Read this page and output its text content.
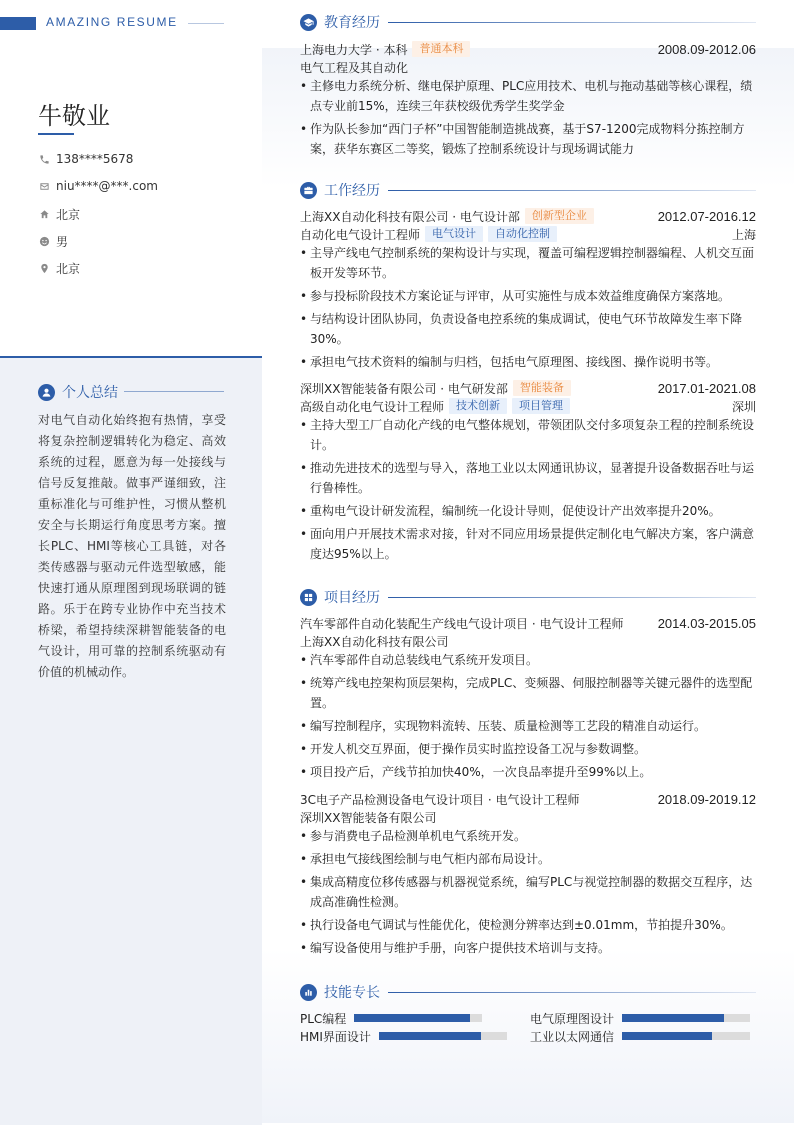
AMAZING RESUME
牛敬业
138****5678
niu****@***.com
北京
男
北京
个人总结
对电气自动化始终抱有热情，享受将复杂控制逻辑转化为稳定、高效系统的过程，愿意为每一处接线与信号反复推敲。做事严谨细致，注重标准化与可维护性，习惯从整机安全与长期运行角度思考方案。擅长PLC、HMI等核心工具链，对各类传感器与驱动元件选型敏感，能快速打通从原理图到现场联调的链路。乐于在跨专业协作中充当技术桥梁，希望持续深耕智能装备的电气设计，用可靠的控制系统驱动有价值的机械动作。
教育经历
上海电力大学 · 本科	普通本科	2008.09-2012.06
电气工程及其自动化
• 主修电力系统分析、继电保护原理、PLC应用技术、电机与拖动基础等核心课程，绩点专业前15%，连续三年获校级优秀学生奖学金
• 作为队长参加“西门子杯”中国智能制造挑战赛，基于S7-1200完成物料分拣控制方案，获华东赛区二等奖，锻炼了控制系统设计与现场调试能力
工作经历
上海XX自动化科技有限公司 · 电气设计部	创新型企业	2012.07-2016.12
自动化电气设计工程师	电气设计	自动化控制	上海
• 主导产线电气控制系统的架构设计与实现，覆盖可编程逻辑控制器编程、人机交互面板开发等环节。
• 参与投标阶段技术方案论证与评审，从可实施性与成本效益维度确保方案落地。
• 与结构设计团队协同，负责设备电控系统的集成调试，使电气环节故障发生率下降30%。
• 承担电气技术资料的编制与归档，包括电气原理图、接线图、操作说明书等。
深圳XX智能装备有限公司 · 电气研发部	智能装备	2017.01-2021.08
高级自动化电气设计工程师	技术创新	项目管理	深圳
• 主持大型工厂自动化产线的电气整体规划，带领团队交付多项复杂工程的控制系统设计。
• 推动先进技术的选型与导入，落地工业以太网通讯协议，显著提升设备数据吞吐与运行鲁棒性。
• 重构电气设计研发流程，编制统一化设计导则，促使设计产出效率提升20%。
• 面向用户开展技术需求对接，针对不同应用场景提供定制化电气解决方案，客户满意度达95%以上。
项目经历
汽车零部件自动化装配生产线电气设计项目 · 电气设计工程师	2014.03-2015.05
上海XX自动化科技有限公司
• 汽车零部件自动总装线电气系统开发项目。
• 统筹产线电控架构顶层架构，完成PLC、变频器、伺服控制器等关键元器件的选型配置。
• 编写控制程序，实现物料流转、压装、质量检测等工艺段的精准自动运行。
• 开发人机交互界面，便于操作员实时监控设备工况与参数调整。
• 项目投产后，产线节拍加快40%，一次良品率提升至99%以上。
3C电子产品检测设备电气设计项目 · 电气设计工程师	2018.09-2019.12
深圳XX智能装备有限公司
• 参与消费电子品检测单机电气系统开发。
• 承担电气接线图绘制与电气柜内部布局设计。
• 集成高精度位移传感器与机器视觉系统，编写PLC与视觉控制器的数据交互程序，达成高准确性检测。
• 执行设备电气调试与性能优化，使检测分辨率达到±0.01mm，节拍提升30%。
• 编写设备使用与维护手册，向客户提供技术培训与支持。
技能专长
PLC编程	电气原理图设计
HMI界面设计	工业以太网通信
